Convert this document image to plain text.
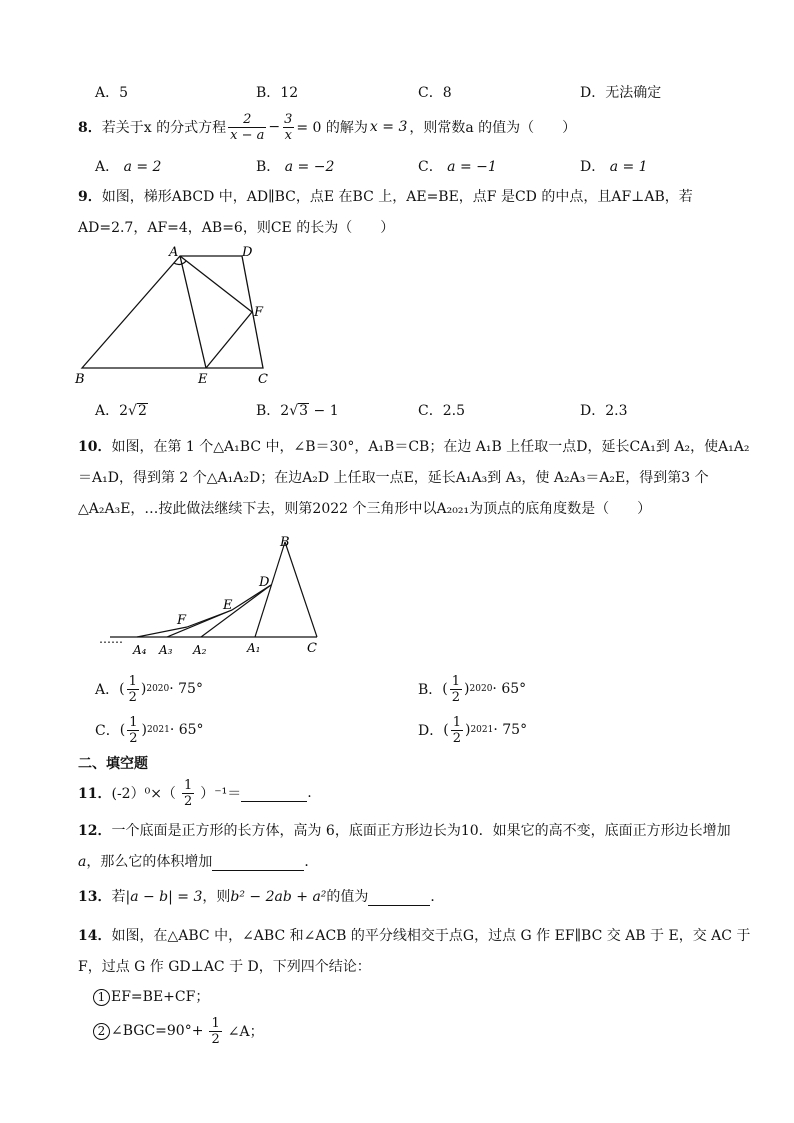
A．5	B．12	C．8	D．无法确定
8． 若关于x 的分式方程 $\frac{2}{x - a} - \frac{3}{x} = 0$ 的解为 x = 3 ，则常数a 的值为（　　）
A． a = 2	B． a = −2	C． a = −1	D． a = 1
9．如图，梯形ABCD 中，AD∥BC，点E 在BC 上，AE=BE，点F 是CD 的中点，且AF⊥AB，若
AD=2.7，AF=4，AB=6，则CE 的长为（　　）
A	D
F
B	E	C
A．2√2	B．2√3 − 1	C．2.5	D．2.3
10．如图，在第 1 个△A₁BC 中，∠B＝30°，A₁B＝CB；在边 A₁B 上任取一点D，延长CA₁到 A₂，使A₁A₂
＝A₁D，得到第 2 个△A₁A₂D；在边A₂D 上任取一点E，延长A₁A₃到 A₃，使 A₂A₃＝A₂E，得到第3 个
△A₂A₃E，…按此做法继续下去，则第2022 个三角形中以A₂₀₂₁为顶点的底角度数是（　　）
B
D
E
F
C
A₁
A₂
A₃
A₄
……
A． ( $\frac{1}{2}$ ) 2020 · 75°	B． ( $\frac{1}{2}$ ) 2020 · 65°
C． ( $\frac{1}{2}$ ) 2021 · 65°	D． ( $\frac{1}{2}$ ) 2021 · 75°
二、填空题
11． $(-2)^0\times( \frac{1}{2} )^{-1}=$	.
12．一个底面是正方形的长方体，高为 6，底面正方形边长为10．如果它的高不变，底面正方形边长增加
a，那么它的体积增加	．
13．若|a − b| = 3，则b² − 2ab + a²的值为	．
14．如图，在△ABC 中，∠ABC 和∠ACB 的平分线相交于点G，过点 G 作 EF∥BC 交 AB 于 E，交 AC 于
F，过点 G 作 GD⊥AC 于 D，下列四个结论：
1 EF=BE+CF；
2 ∠BGC=90°+ $\frac{1}{2}$ ∠A；
